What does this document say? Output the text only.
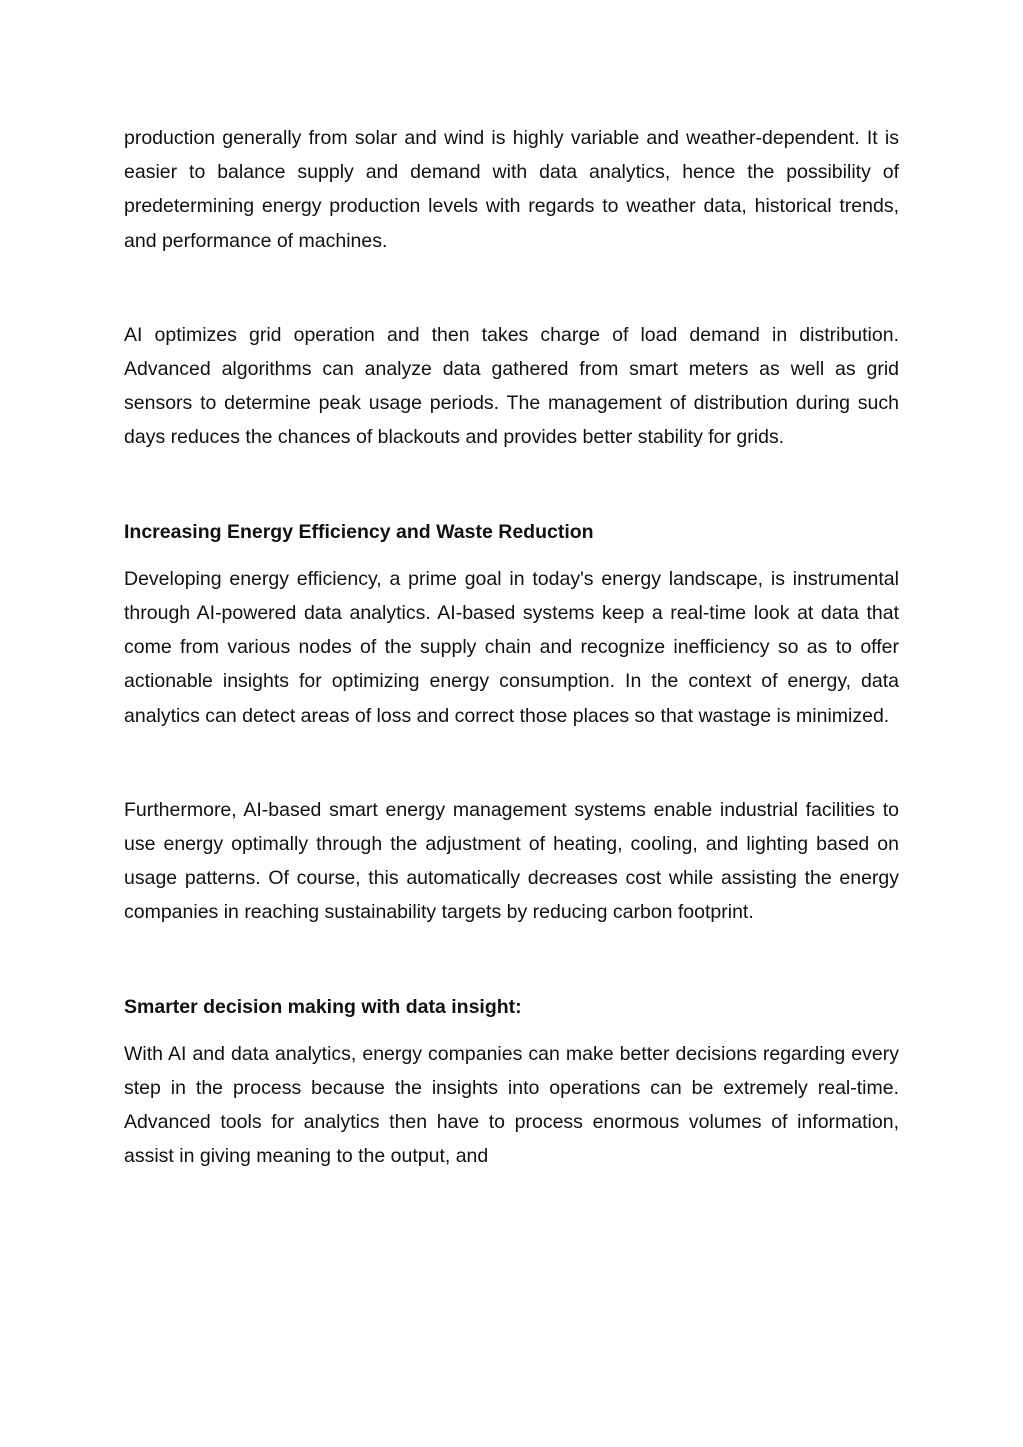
production generally from solar and wind is highly variable and weather-dependent. It is easier to balance supply and demand with data analytics, hence the possibility of predetermining energy production levels with regards to weather data, historical trends, and performance of machines.

AI optimizes grid operation and then takes charge of load demand in distribution. Advanced algorithms can analyze data gathered from smart meters as well as grid sensors to determine peak usage periods. The management of distribution during such days reduces the chances of blackouts and provides better stability for grids.

Increasing Energy Efficiency and Waste Reduction

Developing energy efficiency, a prime goal in today's energy landscape, is instrumental through AI-powered data analytics. AI-based systems keep a real-time look at data that come from various nodes of the supply chain and recognize inefficiency so as to offer actionable insights for optimizing energy consumption. In the context of energy, data analytics can detect areas of loss and correct those places so that wastage is minimized.

Furthermore, AI-based smart energy management systems enable industrial facilities to use energy optimally through the adjustment of heating, cooling, and lighting based on usage patterns. Of course, this automatically decreases cost while assisting the energy companies in reaching sustainability targets by reducing carbon footprint.

Smarter decision making with data insight:

With AI and data analytics, energy companies can make better decisions regarding every step in the process because the insights into operations can be extremely real-time. Advanced tools for analytics then have to process enormous volumes of information, assist in giving meaning to the output, and
